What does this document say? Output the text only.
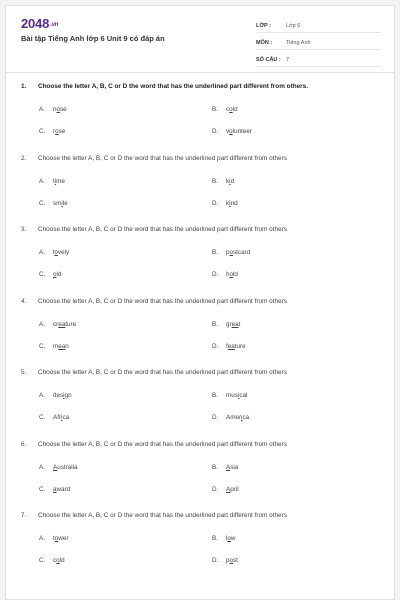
2048.vn
Bài tập Tiếng Anh lớp 6 Unit 9 có đáp án
LỚP :	Lớp 6
MÔN :	Tiếng Anh
SỐ CÂU : 7
1. Choose the letter A, B, C or D the word that has the underlined part different from others.
A. nose	B. cold
C. rose	D. volunteer
2. Choose the letter A, B, C or D the word that has the underlined part different from others
A. time	B. kid
C. smile	D. kind
3. Choose the letter A, B, C or D the word that has the underlined part different from others
A. lovely	B. postcard
C. old	D. hold
4. Choose the letter A, B, C or D the word that has the underlined part different from others
A. creature	B. great
C. mean	D. feature
5. Choose the letter A, B, C or D the word that has the underlined part different from others
A. design	B. musical
C. Africa	D. America
6. Choose the letter A, B, C or D the word that has the underlined part different from others
A. Australia	B. Asia
C. award	D. April
7. Choose the letter A, B, C or D the word that has the underlined part different from others
A. tower	B. low
C. cold	D. post
